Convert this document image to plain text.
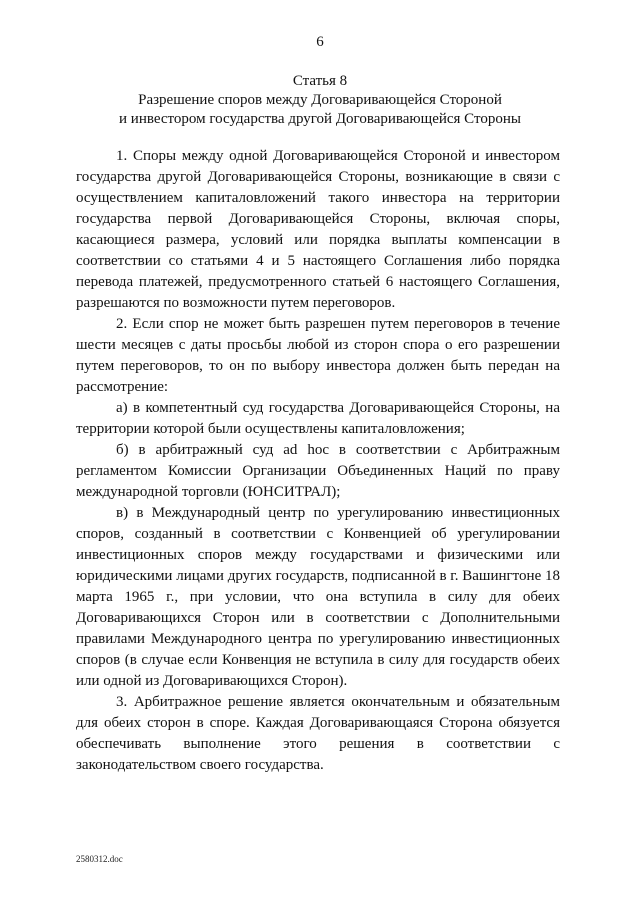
6
Статья 8
Разрешение споров между Договаривающейся Стороной
и инвестором государства другой Договаривающейся Стороны

1. Споры между одной Договаривающейся Стороной и инвестором государства другой Договаривающейся Стороны, возникающие в связи с осуществлением капиталовложений такого инвестора на территории государства первой Договаривающейся Стороны, включая споры, касающиеся размера, условий или порядка выплаты компенсации в соответствии со статьями 4 и 5 настоящего Соглашения либо порядка перевода платежей, предусмотренного статьей 6 настоящего Соглашения, разрешаются по возможности путем переговоров.

2. Если спор не может быть разрешен путем переговоров в течение шести месяцев с даты просьбы любой из сторон спора о его разрешении путем переговоров, то он по выбору инвестора должен быть передан на рассмотрение:

а) в компетентный суд государства Договаривающейся Стороны, на территории которой были осуществлены капиталовложения;

б) в арбитражный суд ad hoc в соответствии с Арбитражным регламентом Комиссии Организации Объединенных Наций по праву международной торговли (ЮНСИТРАЛ);

в) в Международный центр по урегулированию инвестиционных споров, созданный в соответствии с Конвенцией об урегулировании инвестиционных споров между государствами и физическими или юридическими лицами других государств, подписанной в г. Вашингтоне 18 марта 1965 г., при условии, что она вступила в силу для обеих Договаривающихся Сторон или в соответствии с Дополнительными правилами Международного центра по урегулированию инвестиционных споров (в случае если Конвенция не вступила в силу для государств обеих или одной из Договаривающихся Сторон).

3. Арбитражное решение является окончательным и обязательным для обеих сторон в споре. Каждая Договаривающаяся Сторона обязуется обеспечивать выполнение этого решения в соответствии с законодательством своего государства.

2580312.doc
